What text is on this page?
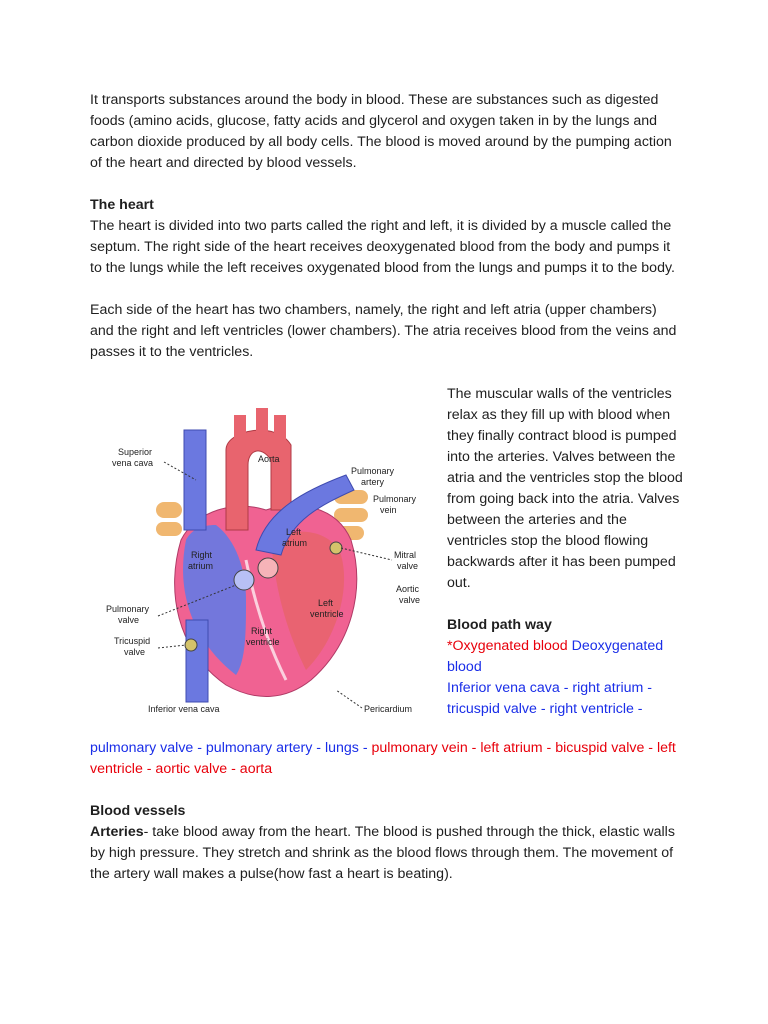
It transports substances around the body in blood. These are substances such as digested foods (amino acids, glucose, fatty acids and glycerol and oxygen taken in by the lungs and carbon dioxide produced by all body cells. The blood is moved around by the pumping action of the heart and directed by blood vessels.

The heart

The heart is divided into two parts called the right and left, it is divided by a muscle called the septum. The right side of the heart receives deoxygenated blood from the body and pumps it to the lungs while the left receives oxygenated blood from the lungs and pumps it to the body.

Each side of the heart has two chambers, namely, the right and left atria (upper chambers) and the right and left ventricles (lower chambers). The atria receives blood from the veins and passes it to the ventricles.

Superior
vena cava	Aorta
Pulmonary
artery
Pulmonary
vein
Left
atrium
Right
atrium
Mitral
valve
Aortic
valve
Left
ventricle
Pulmonary
valve
Right
ventricle
Tricuspid
valve
Inferior vena cava	Pericardium

The muscular walls of the ventricles relax as they fill up with blood when they finally contract blood is pumped into the arteries. Valves between the atria and the ventricles stop the blood from going back into the atria. Valves between the arteries and the ventricles stop the blood flowing backwards after it has been pumped out.

Blood path way

*Oxygenated blood Deoxygenated blood

Inferior vena cava - right atrium - tricuspid valve - right ventricle -

pulmonary valve - pulmonary artery - lungs - pulmonary vein - left atrium - bicuspid valve - left ventricle - aortic valve - aorta

Blood vessels

Arteries- take blood away from the heart. The blood is pushed through the thick, elastic walls by high pressure. They stretch and shrink as the blood flows through them. The movement of the artery wall makes a pulse(how fast a heart is beating).
